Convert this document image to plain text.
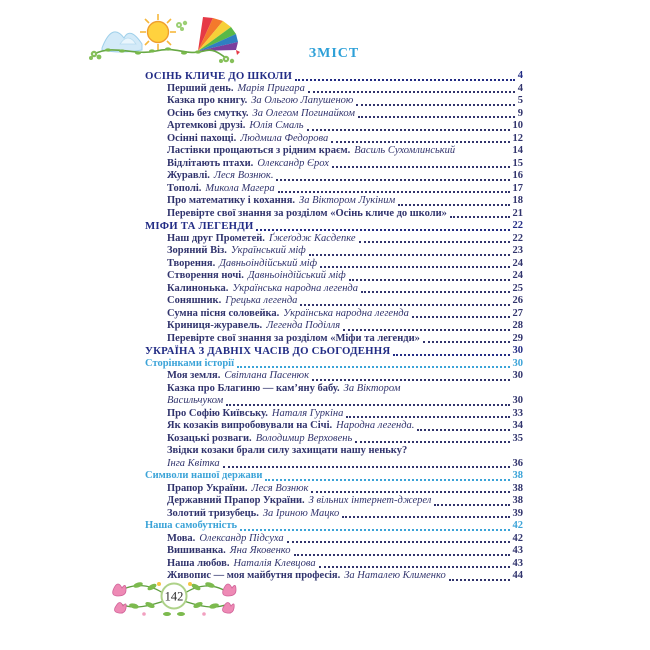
ЗМІСТ
ОСІНЬ КЛИЧЕ ДО ШКОЛИ	4
Перший день. Марія Пригара	4
Казка про книгу. За Ольгою Лапушеною	5
Осінь без смутку. За Олегом Погинайком	9
Артемкові друзі. Юлія Смаль	10
Осінні пахощі. Людмила Федорова	12
Ластівки прощаються з рідним краєм. Василь Сухомлинський	14
Відлітають птахи. Олександр Єрох	15
Журавлі. Леся Вознюк.	16
Тополі. Микола Магера	17
Про математику і кохання. За Віктором Лукіним	18
Перевірте свої знання за розділом «Осінь кличе до школи»	21
МІФИ ТА ЛЕГЕНДИ	22
Наш друг Прометей. Ґжеґодж Касдепке	22
Зоряний Віз. Український міф	23
Творення. Давньоіндійський міф	24
Створення ночі. Давньоіндійський міф	24
Калинонька. Українська народна легенда	25
Соняшник. Грецька легенда	26
Сумна пісня соловейка. Українська народна легенда	27
Криниця-журавель. Легенда Поділля	28
Перевірте свої знання за розділом «Міфи та легенди»	29
УКРАЇНА З ДАВНІХ ЧАСІВ ДО СЬОГОДЕННЯ	30
Сторінками історії	30
Моя земля. Світлана Пасенюк	30
Казка про Благиню — кам’яну бабу. За Віктором
Васильчуком	30
Про Софію Київську. Наталя Гуркіна	33
Як козаків випробовували на Січі. Народна легенда.	34
Козацькі розваги. Володимир Верховень	35
Звідки козаки брали силу захищати нашу неньку?
Інга Квітка	36
Символи нашої держави	38
Прапор України. Леся Вознюк	38
Державний Прапор України. З вільних інтернет-джерел	38
Золотий тризубець. За Іриною Мацко	39
Наша самобутність	42
Мова. Олександр Підсуха	42
Вишиванка. Яна Яковенко	43
Наша любов. Наталія Клевцова	43
Живопис — моя майбутня професія. За Наталею Клименко	44
142
